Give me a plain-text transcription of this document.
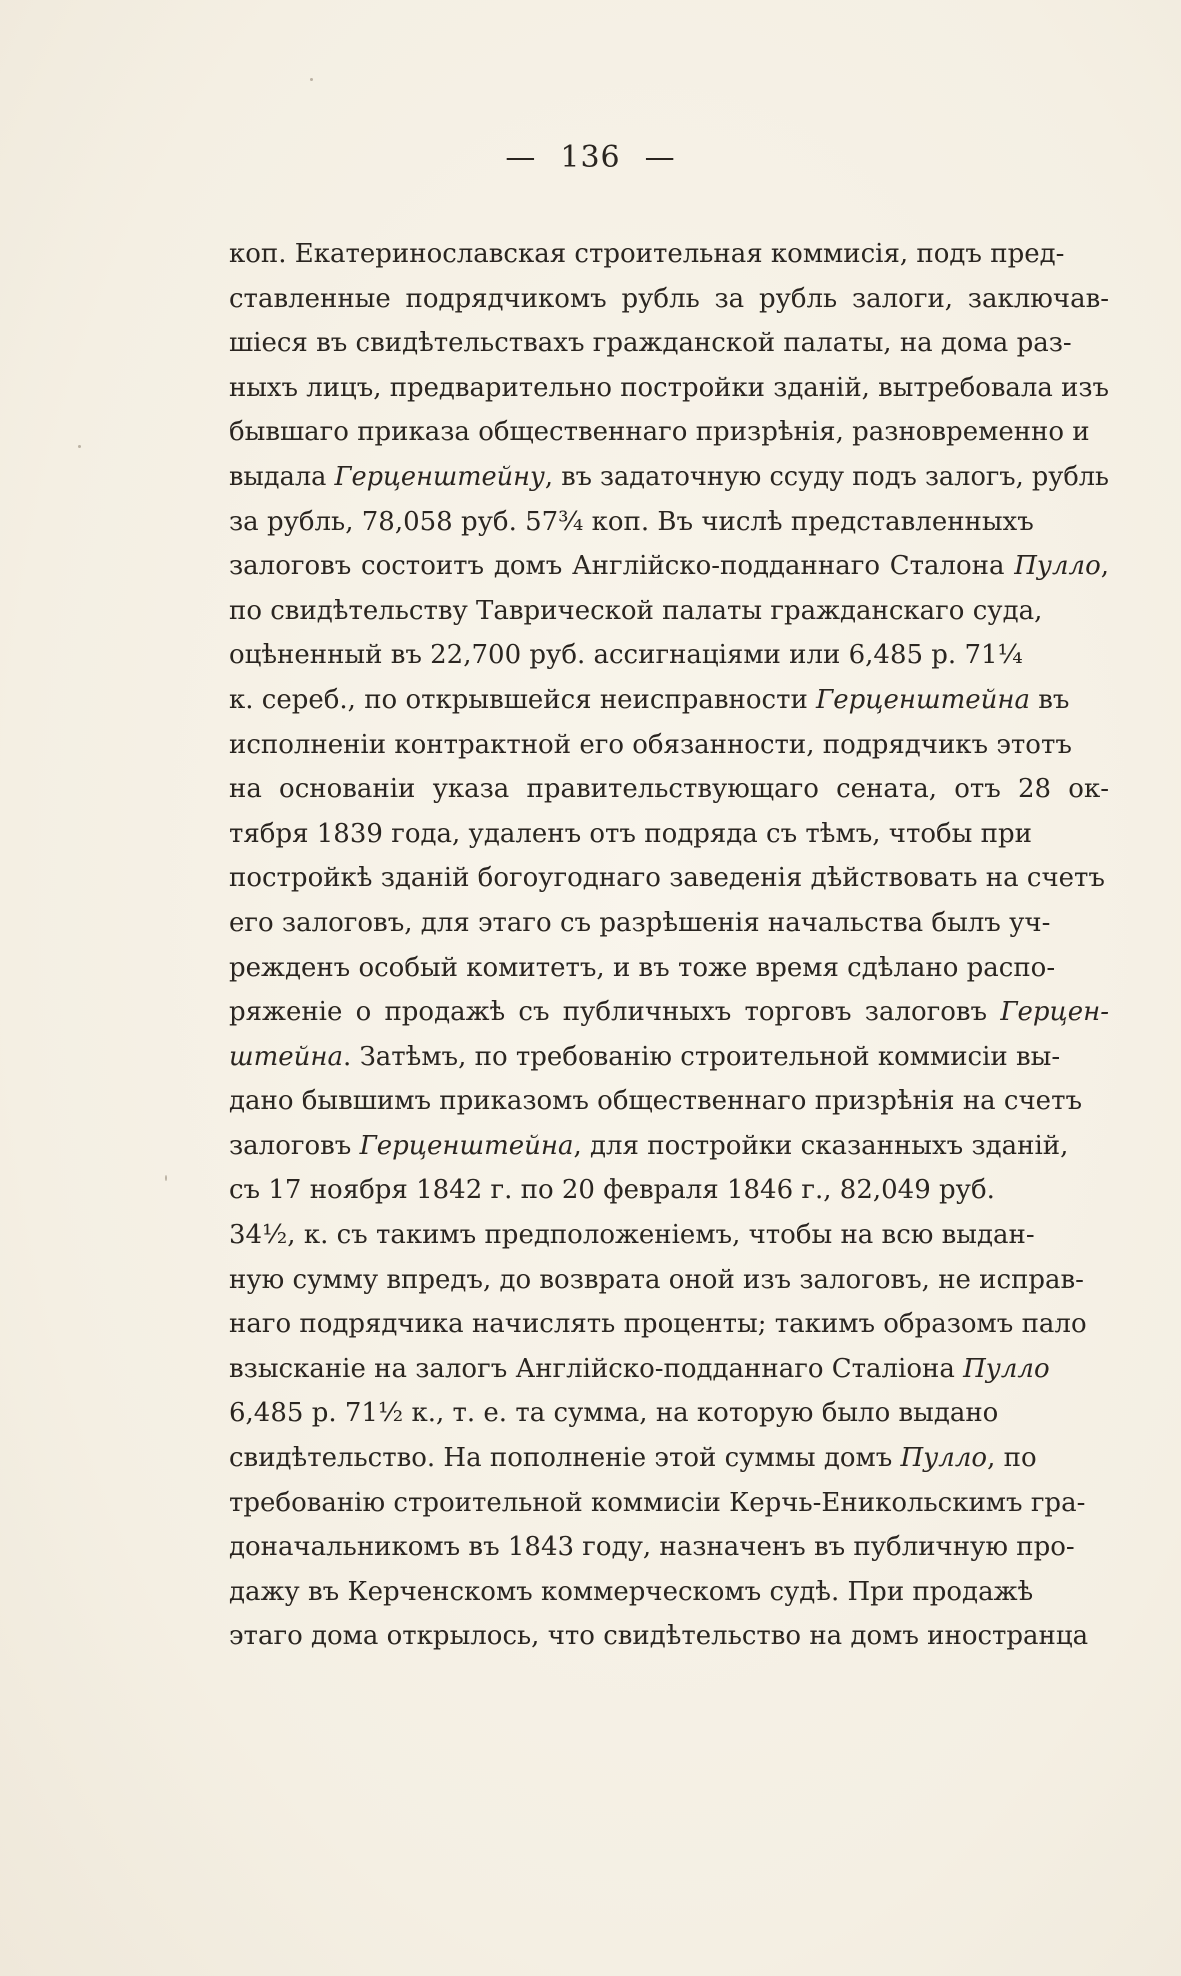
— 136 —
коп. Екатеринославская строительная коммисія, подъ пред-
ставленные подрядчикомъ рубль за рубль залоги, заключав-
шіеся въ свидѣтельствахъ гражданской палаты, на дома раз-
ныхъ лицъ, предварительно постройки зданій, вытребовала изъ
бывшаго приказа общественнаго призрѣнія, разновременно и
выдала Герценштейну, въ задаточную ссуду подъ залогъ, рубль
за рубль, 78,058 руб. 57¾ коп. Въ числѣ представленныхъ
залоговъ состоитъ домъ Англійско-подданнаго Сталона Пулло,
по свидѣтельству Таврической палаты гражданскаго суда,
оцѣненный въ 22,700 руб. ассигнаціями или 6,485 р. 71¼
к. сереб., по открывшейся неисправности Герценштейна въ
исполненіи контрактной его обязанности, подрядчикъ этотъ
на основаніи указа правительствующаго сената, отъ 28 ок-
тября 1839 года, удаленъ отъ подряда съ тѣмъ, чтобы при
постройкѣ зданій богоугоднаго заведенія дѣйствовать на счетъ
его залоговъ, для этаго съ разрѣшенія начальства былъ уч-
режденъ особый комитетъ, и въ тоже время сдѣлано распо-
ряженіе о продажѣ съ публичныхъ торговъ залоговъ Герцен-
штейна. Затѣмъ, по требованію строительной коммисіи вы-
дано бывшимъ приказомъ общественнаго призрѣнія на счетъ
залоговъ Герценштейна, для постройки сказанныхъ зданій,
съ 17 ноября 1842 г. по 20 февраля 1846 г., 82,049 руб.
34½, к. съ такимъ предположеніемъ, чтобы на всю выдан-
ную сумму впредъ, до возврата оной изъ залоговъ, не исправ-
наго подрядчика начислять проценты; такимъ образомъ пало
взысканіе на залогъ Англійско-подданнаго Сталіона Пулло
6,485 р. 71½ к., т. е. та сумма, на которую было выдано
свидѣтельство. На пополненіе этой суммы домъ Пулло, по
требованію строительной коммисіи Керчь-Еникольскимъ гра-
доначальникомъ въ 1843 году, назначенъ въ публичную про-
дажу въ Керченскомъ коммерческомъ судѣ. При продажѣ
этаго дома открылось, что свидѣтельство на домъ иностранца
